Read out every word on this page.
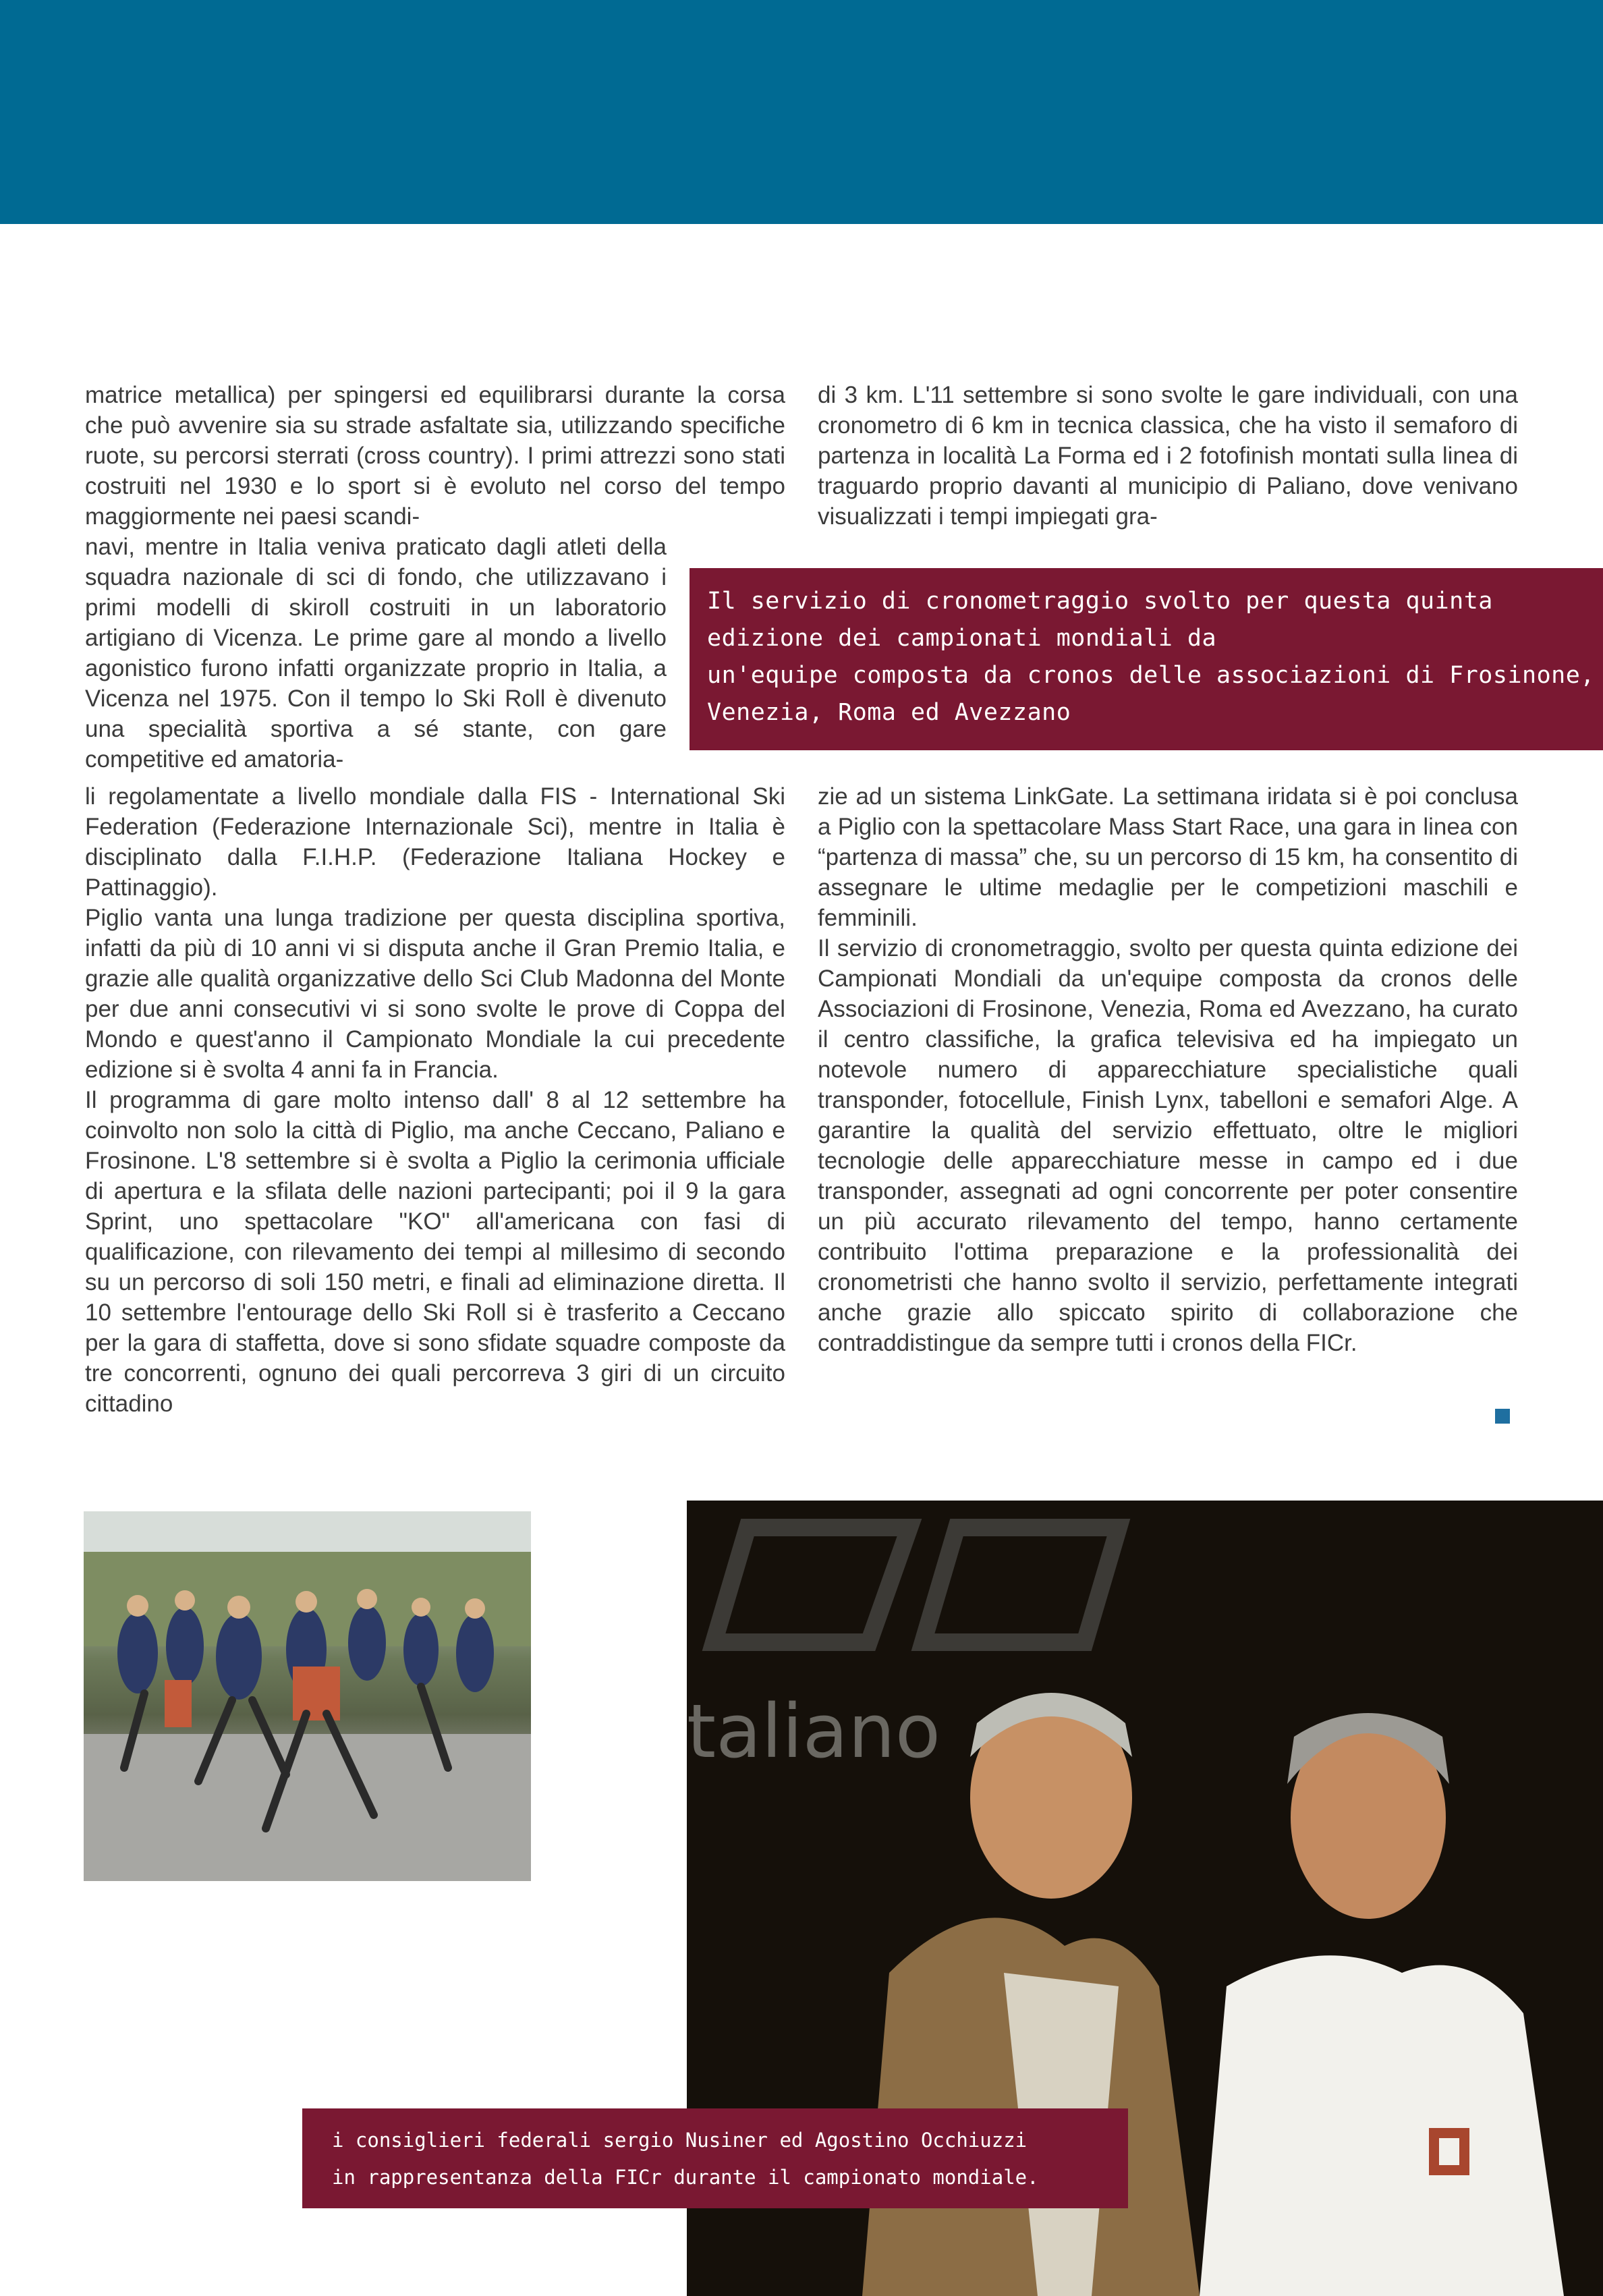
matrice metallica) per spingersi ed equilibrarsi durante la corsa che può avvenire sia su strade asfaltate sia, utilizzando specifiche ruote, su percorsi sterrati (cross country). I primi attrezzi sono stati costruiti nel 1930 e lo sport si è evoluto nel corso del tempo maggiormente nei paesi scandi-

navi, mentre in Italia veniva praticato dagli atleti della squadra nazionale di sci di fondo, che utilizzavano i primi modelli di skiroll costruiti in un laboratorio artigiano di Vicenza. Le prime gare al mondo a livello agonistico furono infatti organizzate proprio in Italia, a Vicenza nel 1975. Con il tempo lo Ski Roll è divenuto una specialità sportiva a sé stante, con gare competitive ed amatoria-

li regolamentate a livello mondiale dalla FIS - International Ski Federation (Federazione Internazionale Sci), mentre in Italia è disciplinato dalla F.I.H.P. (Federazione Italiana Hockey e Pattinaggio).

Piglio vanta una lunga tradizione per questa disciplina sportiva, infatti da più di 10 anni vi si disputa anche il Gran Premio Italia, e grazie alle qualità organizzative dello Sci Club Madonna del Monte per due anni consecutivi vi si sono svolte le prove di Coppa del Mondo e quest'anno il Campionato Mondiale la cui precedente edizione si è svolta 4 anni fa in Francia.

Il programma di gare molto intenso dall' 8 al 12 settembre ha coinvolto non solo la città di Piglio, ma anche Ceccano, Paliano e Frosinone. L'8 settembre si è svolta a Piglio la cerimonia ufficiale di apertura e la sfilata delle nazioni partecipanti; poi il 9 la gara Sprint, uno spettacolare "KO" all'americana con fasi di qualificazione, con rilevamento dei tempi al millesimo di secondo su un percorso di soli 150 metri, e finali ad eliminazione diretta. Il 10 settembre l'entourage dello Ski Roll si è trasferito a Ceccano per la gara di staffetta, dove si sono sfidate squadre composte da tre concorrenti, ognuno dei quali percorreva 3 giri di un circuito cittadino

di 3 km. L'11 settembre si sono svolte le gare individuali, con una cronometro di 6 km in tecnica classica, che ha visto il semaforo di partenza in località La Forma ed i 2 fotofinish montati sulla linea di traguardo proprio davanti al municipio di Paliano, dove venivano visualizzati i tempi impiegati gra-

zie ad un sistema LinkGate. La settimana iridata si è poi conclusa a Piglio con la spettacolare Mass Start Race, una gara in linea con “partenza di massa” che, su un percorso di 15 km, ha consentito di assegnare le ultime medaglie per le competizioni maschili e femminili.

Il servizio di cronometraggio, svolto per questa quinta edizione dei Campionati Mondiali da un'equipe composta da cronos delle Associazioni di Frosinone, Venezia, Roma ed Avezzano, ha curato il centro classifiche, la grafica televisiva ed ha impiegato un notevole numero di apparecchiature specialistiche quali transponder, fotocellule, Finish Lynx, tabelloni e semafori Alge. A garantire la qualità del servizio effettuato, oltre le migliori tecnologie delle apparecchiature messe in campo ed i due transponder, assegnati ad ogni concorrente per poter consentire un più accurato rilevamento del tempo, hanno certamente contribuito l'ottima preparazione e la professionalità dei cronometristi che hanno svolto il servizio, perfettamente integrati anche grazie allo spiccato spirito di collaborazione che contraddistingue da sempre tutti i cronos della FICr.

Il servizio di cronometraggio svolto per questa quinta
edizione dei campionati mondiali da
un'equipe composta da cronos delle associazioni di Frosinone,
Venezia, Roma ed Avezzano
taliano
i consiglieri federali sergio Nusiner ed Agostino Occhiuzzi
in rappresentanza della FICr durante il campionato mondiale.
